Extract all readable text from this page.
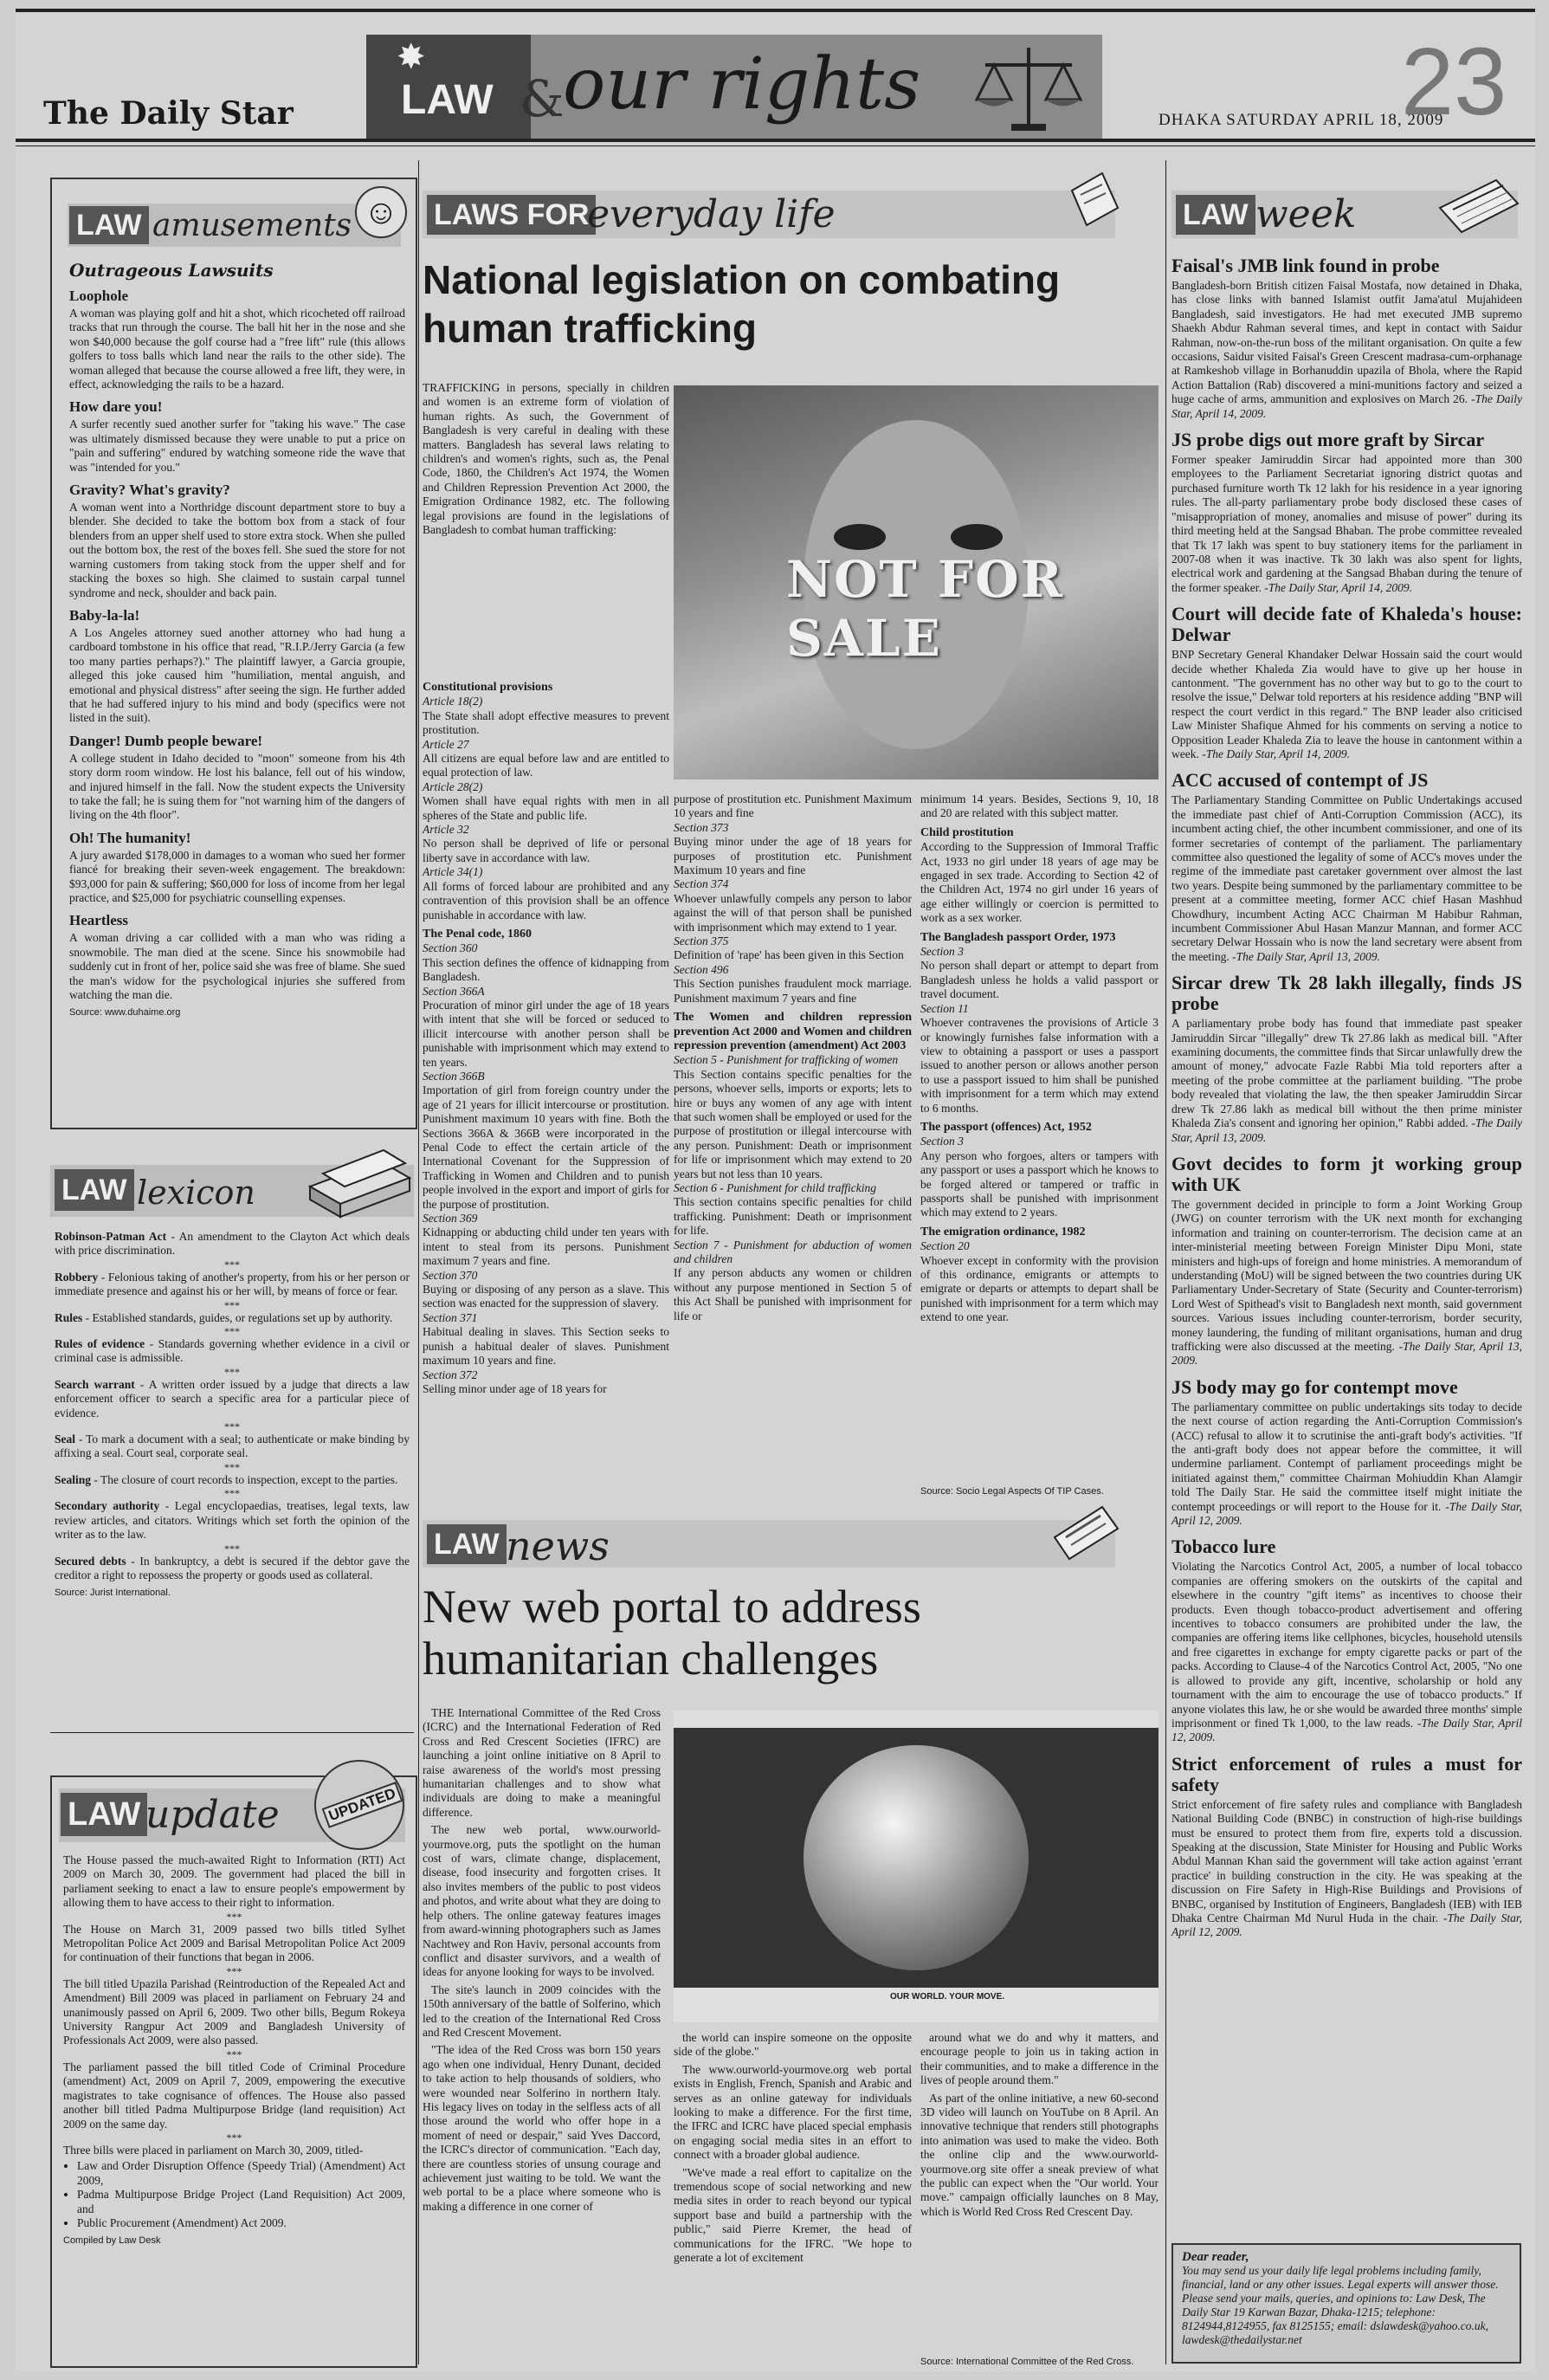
The Daily Star
✸
LAW &
our rights	DHAKA SATURDAY APRIL 18, 2009
23
LAW amusements ☺
Outrageous Lawsuits
Loophole
A woman was playing golf and hit a shot, which ricocheted off railroad tracks that run through the course. The ball hit her in the nose and she won $40,000 because the golf course had a "free lift" rule (this allows golfers to toss balls which land near the rails to the other side). The woman alleged that because the course allowed a free lift, they were, in effect, acknowledging the rails to be a hazard.
How dare you!
A surfer recently sued another surfer for "taking his wave." The case was ultimately dismissed because they were unable to put a price on "pain and suffering" endured by watching someone ride the wave that was "intended for you."
Gravity? What's gravity?
A woman went into a Northridge discount department store to buy a blender. She decided to take the bottom box from a stack of four blenders from an upper shelf used to store extra stock. When she pulled out the bottom box, the rest of the boxes fell. She sued the store for not warning customers from taking stock from the upper shelf and for stacking the boxes so high. She claimed to sustain carpal tunnel syndrome and neck, shoulder and back pain.
Baby-la-la!
A Los Angeles attorney sued another attorney who had hung a cardboard tombstone in his office that read, "R.I.P./Jerry Garcia (a few too many parties perhaps?)." The plaintiff lawyer, a Garcia groupie, alleged this joke caused him "humiliation, mental anguish, and emotional and physical distress" after seeing the sign. He further added that he had suffered injury to his mind and body (specifics were not listed in the suit).
Danger! Dumb people beware!
A college student in Idaho decided to "moon" someone from his 4th story dorm room window. He lost his balance, fell out of his window, and injured himself in the fall. Now the student expects the University to take the fall; he is suing them for "not warning him of the dangers of living on the 4th floor".
Oh! The humanity!
A jury awarded $178,000 in damages to a woman who sued her former fiancé for breaking their seven-week engagement. The breakdown: $93,000 for pain & suffering; $60,000 for loss of income from her legal practice, and $25,000 for psychiatric counselling expenses.
Heartless
A woman driving a car collided with a man who was riding a snowmobile. The man died at the scene. Since his snowmobile had suddenly cut in front of her, police said she was free of blame. She sued the man's widow for the psychological injuries she suffered from watching the man die.
Source: www.duhaime.org
LAW lexicon
Robinson-Patman Act - An amendment to the Clayton Act which deals with price discrimination.
***
Robbery - Felonious taking of another's property, from his or her person or immediate presence and against his or her will, by means of force or fear.
***
Rules - Established standards, guides, or regulations set up by authority.
***
Rules of evidence - Standards governing whether evidence in a civil or criminal case is admissible.
***
Search warrant - A written order issued by a judge that directs a law enforcement officer to search a specific area for a particular piece of evidence.
***
Seal - To mark a document with a seal; to authenticate or make binding by affixing a seal. Court seal, corporate seal.
***
Sealing - The closure of court records to inspection, except to the parties.
***
Secondary authority - Legal encyclopaedias, treatises, legal texts, law review articles, and citators. Writings which set forth the opinion of the writer as to the law.
***
Secured debts - In bankruptcy, a debt is secured if the debtor gave the creditor a right to repossess the property or goods used as collateral.
Source: Jurist International.
LAW update	UPDATED
The House passed the much-awaited Right to Information (RTI) Act 2009 on March 30, 2009. The government had placed the bill in parliament seeking to enact a law to ensure people's empowerment by allowing them to have access to their right to information.
***
The House on March 31, 2009 passed two bills titled Sylhet Metropolitan Police Act 2009 and Barisal Metropolitan Police Act 2009 for continuation of their functions that began in 2006.
***
The bill titled Upazila Parishad (Reintroduction of the Repealed Act and Amendment) Bill 2009 was placed in parliament on February 24 and unanimously passed on April 6, 2009. Two other bills, Begum Rokeya University Rangpur Act 2009 and Bangladesh University of Professionals Act 2009, were also passed.
***
The parliament passed the bill titled Code of Criminal Procedure (amendment) Act, 2009 on April 7, 2009, empowering the executive magistrates to take cognisance of offences. The House also passed another bill titled Padma Multipurpose Bridge (land requisition) Act 2009 on the same day.
***
Three bills were placed in parliament on March 30, 2009, titled-
• Law and Order Disruption Offence (Speedy Trial) (Amendment) Act 2009,
• Padma Multipurpose Bridge Project (Land Requisition) Act 2009, and
• Public Procurement (Amendment) Act 2009.
Compiled by Law Desk
LAWS FOR
everyday life
National legislation on combating human trafficking

TRAFFICKING in persons, specially in children and women is an extreme form of violation of human rights. As such, the Government of Bangladesh is very careful in dealing with these matters. Bangladesh has several laws relating to children's and women's rights, such as, the Penal Code, 1860, the Children's Act 1974, the Women and Children Repression Prevention Act 2000, the Emigration Ordinance 1982, etc. The following legal provisions are found in the legislations of Bangladesh to combat human trafficking:

NOT FOR SALE
Constitutional provisions
Article 18(2)
The State shall adopt effective measures to prevent prostitution.
Article 27
All citizens are equal before law and are entitled to equal protection of law.
Article 28(2)
Women shall have equal rights with men in all spheres of the State and public life.
Article 32
No person shall be deprived of life or personal liberty save in accordance with law.
Article 34(1)
All forms of forced labour are prohibited and any contravention of this provision shall be an offence punishable in accordance with law.
The Penal code, 1860
Section 360
This section defines the offence of kidnapping from Bangladesh.
Section 366A
Procuration of minor girl under the age of 18 years with intent that she will be forced or seduced to illicit intercourse with another person shall be punishable with imprisonment which may extend to ten years.
Section 366B
Importation of girl from foreign country under the age of 21 years for illicit intercourse or prostitution. Punishment maximum 10 years with fine. Both the Sections 366A & 366B were incorporated in the Penal Code to effect the certain article of the International Covenant for the Suppression of Trafficking in Women and Children and to punish people involved in the export and import of girls for the purpose of prostitution.
Section 369
Kidnapping or abducting child under ten years with intent to steal from its persons. Punishment maximum 7 years and fine.
Section 370
Buying or disposing of any person as a slave. This section was enacted for the suppression of slavery.
Section 371
Habitual dealing in slaves. This Section seeks to punish a habitual dealer of slaves. Punishment maximum 10 years and fine.
Section 372
Selling minor under age of 18 years for
purpose of prostitution etc. Punishment Maximum 10 years and fine
Section 373
Buying minor under the age of 18 years for purposes of prostitution etc. Punishment Maximum 10 years and fine
Section 374
Whoever unlawfully compels any person to labor against the will of that person shall be punished with imprisonment which may extend to 1 year.
Section 375
Definition of 'rape' has been given in this Section
Section 496
This Section punishes fraudulent mock marriage. Punishment maximum 7 years and fine
The Women and children repression prevention Act 2000 and Women and children repression prevention (amendment) Act 2003
Section 5 - Punishment for trafficking of women
This Section contains specific penalties for the persons, whoever sells, imports or exports; lets to hire or buys any women of any age with intent that such women shall be employed or used for the purpose of prostitution or illegal intercourse with any person. Punishment: Death or imprisonment for life or imprisonment which may extend to 20 years but not less than 10 years.
Section 6 - Punishment for child trafficking
This section contains specific penalties for child trafficking. Punishment: Death or imprisonment for life.
Section 7 - Punishment for abduction of women and children
If any person abducts any women or children without any purpose mentioned in Section 5 of this Act Shall be punished with imprisonment for life or
minimum 14 years. Besides, Sections 9, 10, 18 and 20 are related with this subject matter.
Child prostitution
According to the Suppression of Immoral Traffic Act, 1933 no girl under 18 years of age may be engaged in sex trade. According to Section 42 of the Children Act, 1974 no girl under 16 years of age either willingly or coercion is permitted to work as a sex worker.
The Bangladesh passport Order, 1973
Section 3
No person shall depart or attempt to depart from Bangladesh unless he holds a valid passport or travel document.
Section 11
Whoever contravenes the provisions of Article 3 or knowingly furnishes false information with a view to obtaining a passport or uses a passport issued to another person or allows another person to use a passport issued to him shall be punished with imprisonment for a term which may extend to 6 months.
The passport (offences) Act, 1952
Section 3
Any person who forgoes, alters or tampers with any passport or uses a passport which he knows to be forged altered or tampered or traffic in passports shall be punished with imprisonment which may extend to 2 years.
The emigration ordinance, 1982
Section 20
Whoever except in conformity with the provision of this ordinance, emigrants or attempts to emigrate or departs or attempts to depart shall be punished with imprisonment for a term which may extend to one year.
Source: Socio Legal Aspects Of TIP Cases.
LAW news
New web portal to address humanitarian challenges

THE International Committee of the Red Cross (ICRC) and the International Federation of Red Cross and Red Crescent Societies (IFRC) are launching a joint online initiative on 8 April to raise awareness of the world's most pressing humanitarian challenges and to show what individuals are doing to make a meaningful difference.

The new web portal, www.ourworld-yourmove.org, puts the spotlight on the human cost of wars, climate change, displacement, disease, food insecurity and forgotten crises. It also invites members of the public to post videos and photos, and write about what they are doing to help others. The online gateway features images from award-winning photographers such as James Nachtwey and Ron Haviv, personal accounts from conflict and disaster survivors, and a wealth of ideas for anyone looking for ways to be involved.

The site's launch in 2009 coincides with the 150th anniversary of the battle of Solferino, which led to the creation of the International Red Cross and Red Crescent Movement.

"The idea of the Red Cross was born 150 years ago when one individual, Henry Dunant, decided to take action to help thousands of soldiers, who were wounded near Solferino in northern Italy. His legacy lives on today in the selfless acts of all those around the world who offer hope in a moment of need or despair," said Yves Daccord, the ICRC's director of communication. "Each day, there are countless stories of unsung courage and achievement just waiting to be told. We want the web portal to be a place where someone who is making a difference in one corner of

OUR WORLD. YOUR MOVE.

the world can inspire someone on the opposite side of the globe."

The www.ourworld-yourmove.org web portal exists in English, French, Spanish and Arabic and serves as an online gateway for individuals looking to make a difference. For the first time, the IFRC and ICRC have placed special emphasis on engaging social media sites in an effort to connect with a broader global audience.

"We've made a real effort to capitalize on the tremendous scope of social networking and new media sites in order to reach beyond our typical support base and build a partnership with the public," said Pierre Kremer, the head of communications for the IFRC. "We hope to generate a lot of excitement

around what we do and why it matters, and encourage people to join us in taking action in their communities, and to make a difference in the lives of people around them."

As part of the online initiative, a new 60-second 3D video will launch on YouTube on 8 April. An innovative technique that renders still photographs into animation was used to make the video. Both the online clip and the www.ourworld-yourmove.org site offer a sneak preview of what the public can expect when the "Our world. Your move." campaign officially launches on 8 May, which is World Red Cross Red Crescent Day.

Source: International Committee of the Red Cross.
LAW week
Faisal's JMB link found in probe
Bangladesh-born British citizen Faisal Mostafa, now detained in Dhaka, has close links with banned Islamist outfit Jama'atul Mujahideen Bangladesh, said investigators. He had met executed JMB supremo Shaekh Abdur Rahman several times, and kept in contact with Saidur Rahman, now-on-the-run boss of the militant organisation. On quite a few occasions, Saidur visited Faisal's Green Crescent madrasa-cum-orphanage at Ramkeshob village in Borhanuddin upazila of Bhola, where the Rapid Action Battalion (Rab) discovered a mini-munitions factory and seized a huge cache of arms, ammunition and explosives on March 26. -The Daily Star, April 14, 2009.
JS probe digs out more graft by Sircar
Former speaker Jamiruddin Sircar had appointed more than 300 employees to the Parliament Secretariat ignoring district quotas and purchased furniture worth Tk 12 lakh for his residence in a year ignoring rules. The all-party parliamentary probe body disclosed these cases of "misappropriation of money, anomalies and misuse of power" during its third meeting held at the Sangsad Bhaban. The probe committee revealed that Tk 17 lakh was spent to buy stationery items for the parliament in 2007-08 when it was inactive. Tk 30 lakh was also spent for lights, electrical work and gardening at the Sangsad Bhaban during the tenure of the former speaker. -The Daily Star, April 14, 2009.
Court will decide fate of Khaleda's house: Delwar
BNP Secretary General Khandaker Delwar Hossain said the court would decide whether Khaleda Zia would have to give up her house in cantonment. "The government has no other way but to go to the court to resolve the issue," Delwar told reporters at his residence adding "BNP will respect the court verdict in this regard." The BNP leader also criticised Law Minister Shafique Ahmed for his comments on serving a notice to Opposition Leader Khaleda Zia to leave the house in cantonment within a week. -The Daily Star, April 14, 2009.
ACC accused of contempt of JS
The Parliamentary Standing Committee on Public Undertakings accused the immediate past chief of Anti-Corruption Commission (ACC), its incumbent acting chief, the other incumbent commissioner, and one of its former secretaries of contempt of the parliament. The parliamentary committee also questioned the legality of some of ACC's moves under the regime of the immediate past caretaker government over almost the last two years. Despite being summoned by the parliamentary committee to be present at a committee meeting, former ACC chief Hasan Mashhud Chowdhury, incumbent Acting ACC Chairman M Habibur Rahman, incumbent Commissioner Abul Hasan Manzur Mannan, and former ACC secretary Delwar Hossain who is now the land secretary were absent from the meeting. -The Daily Star, April 13, 2009.
Sircar drew Tk 28 lakh illegally, finds JS probe
A parliamentary probe body has found that immediate past speaker Jamiruddin Sircar "illegally" drew Tk 27.86 lakh as medical bill. "After examining documents, the committee finds that Sircar unlawfully drew the amount of money," advocate Fazle Rabbi Mia told reporters after a meeting of the probe committee at the parliament building. "The probe body revealed that violating the law, the then speaker Jamiruddin Sircar drew Tk 27.86 lakh as medical bill without the then prime minister Khaleda Zia's consent and ignoring her opinion," Rabbi added. -The Daily Star, April 13, 2009.
Govt decides to form jt working group with UK
The government decided in principle to form a Joint Working Group (JWG) on counter terrorism with the UK next month for exchanging information and training on counter-terrorism. The decision came at an inter-ministerial meeting between Foreign Minister Dipu Moni, state ministers and high-ups of foreign and home ministries. A memorandum of understanding (MoU) will be signed between the two countries during UK Parliamentary Under-Secretary of State (Security and Counter-terrorism) Lord West of Spithead's visit to Bangladesh next month, said government sources. Various issues including counter-terrorism, border security, money laundering, the funding of militant organisations, human and drug trafficking were also discussed at the meeting. -The Daily Star, April 13, 2009.
JS body may go for contempt move
The parliamentary committee on public undertakings sits today to decide the next course of action regarding the Anti-Corruption Commission's (ACC) refusal to allow it to scrutinise the anti-graft body's activities. "If the anti-graft body does not appear before the committee, it will undermine parliament. Contempt of parliament proceedings might be initiated against them," committee Chairman Mohiuddin Khan Alamgir told The Daily Star. He said the committee itself might initiate the contempt proceedings or will report to the House for it. -The Daily Star, April 12, 2009.
Tobacco lure
Violating the Narcotics Control Act, 2005, a number of local tobacco companies are offering smokers on the outskirts of the capital and elsewhere in the country "gift items" as incentives to choose their products. Even though tobacco-product advertisement and offering incentives to tobacco consumers are prohibited under the law, the companies are offering items like cellphones, bicycles, household utensils and free cigarettes in exchange for empty cigarette packs or part of the packs. According to Clause-4 of the Narcotics Control Act, 2005, "No one is allowed to provide any gift, incentive, scholarship or hold any tournament with the aim to encourage the use of tobacco products." If anyone violates this law, he or she would be awarded three months' simple imprisonment or fined Tk 1,000, to the law reads. -The Daily Star, April 12, 2009.
Strict enforcement of rules a must for safety
Strict enforcement of fire safety rules and compliance with Bangladesh National Building Code (BNBC) in construction of high-rise buildings must be ensured to protect them from fire, experts told a discussion. Speaking at the discussion, State Minister for Housing and Public Works Abdul Mannan Khan said the government will take action against 'errant practice' in building construction in the city. He was speaking at the discussion on Fire Safety in High-Rise Buildings and Provisions of BNBC, organised by Institution of Engineers, Bangladesh (IEB) with IEB Dhaka Centre Chairman Md Nurul Huda in the chair. -The Daily Star, April 12, 2009.
Dear reader,
You may send us your daily life legal problems including family, financial, land or any other issues. Legal experts will answer those. Please send your mails, queries, and opinions to: Law Desk, The Daily Star 19 Karwan Bazar, Dhaka-1215; telephone: 8124944,8124955, fax 8125155; email: dslawdesk@yahoo.co.uk, lawdesk@thedailystar.net
